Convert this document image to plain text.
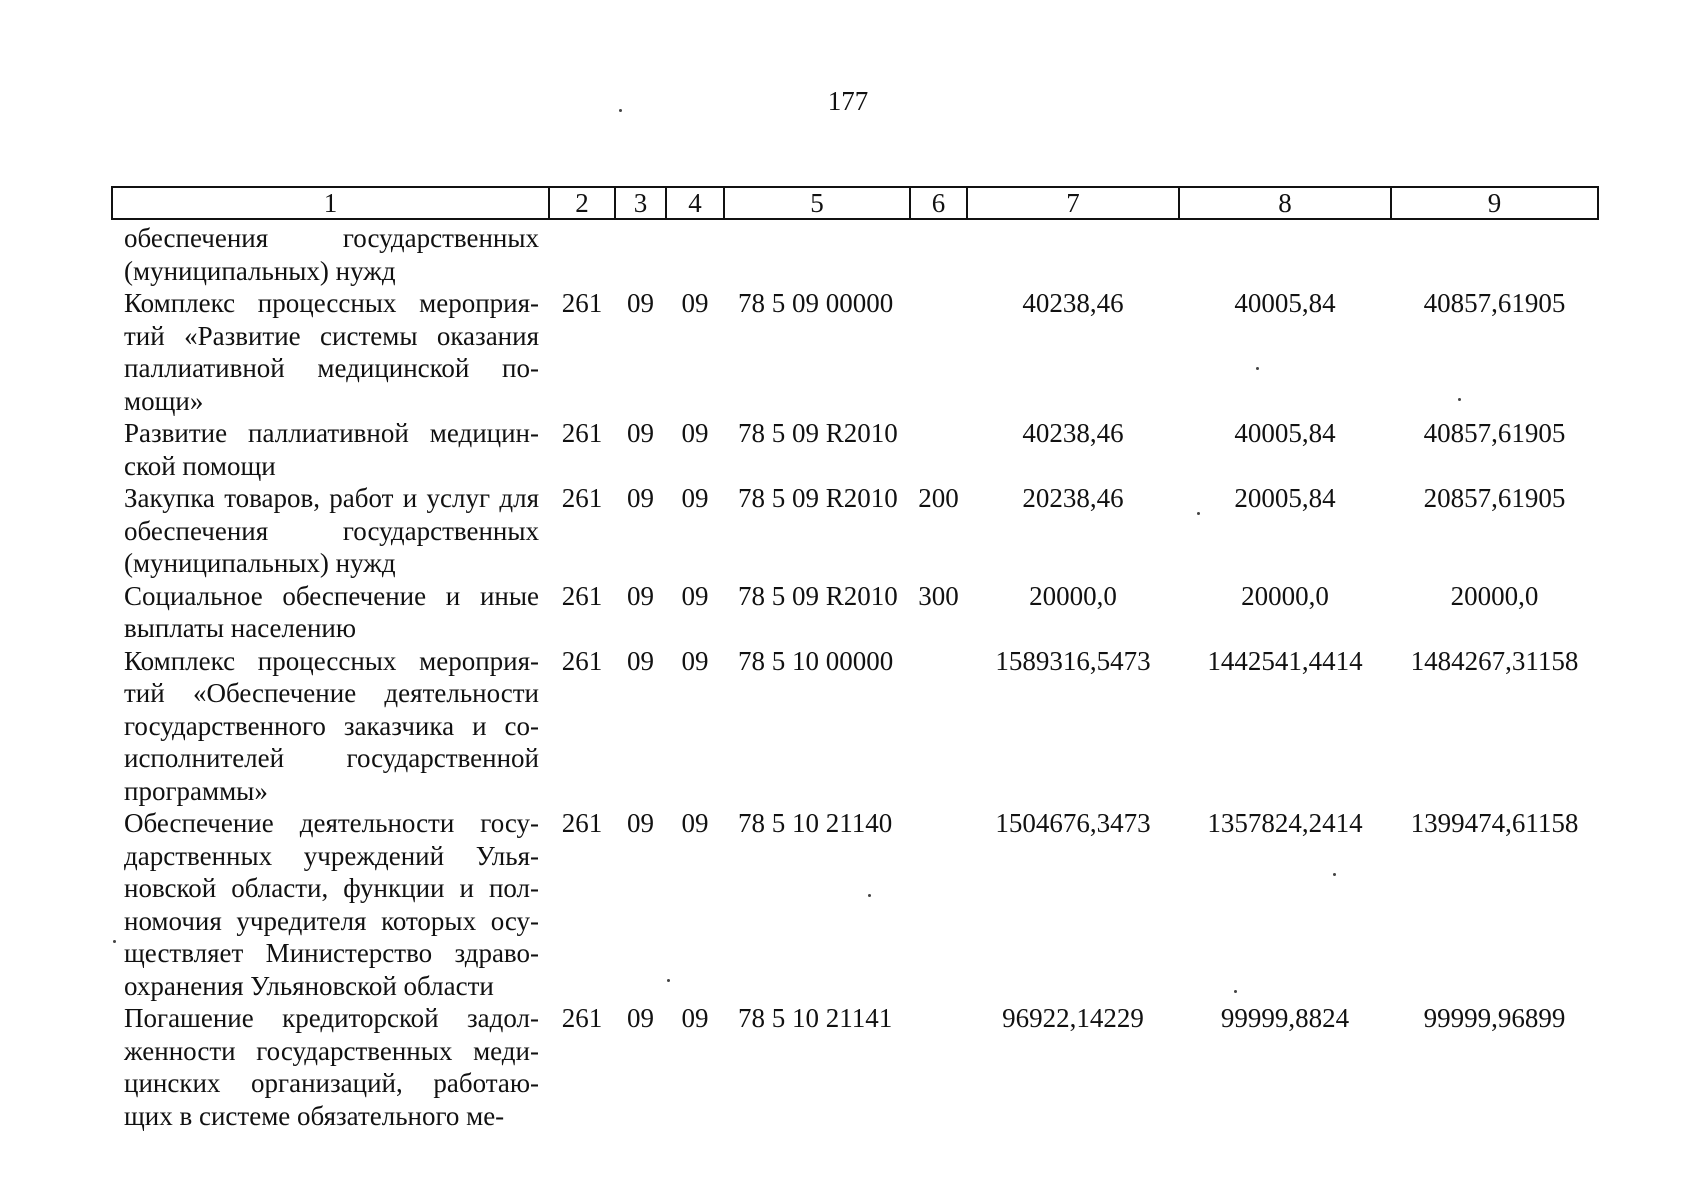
177
1	2	3	4	5	6	7	8	9
обеспечения государственных (муниципальных) нужд								
Комплекс процессных мероприя-тий «Развитие системы оказания паллиативной медицинской по-мощи»	261	09	09	78 5 09 00000		40238,46	40005,84	40857,61905
Развитие паллиативной медицин-ской помощи	261	09	09	78 5 09 R2010		40238,46	40005,84	40857,61905
Закупка товаров, работ и услуг для обеспечения государственных (муниципальных) нужд	261	09	09	78 5 09 R2010	200	20238,46	20005,84	20857,61905
Социальное обеспечение и иные выплаты населению	261	09	09	78 5 09 R2010	300	20000,0	20000,0	20000,0
Комплекс процессных мероприя-тий «Обеспечение деятельности государственного заказчика и со-исполнителей государственной программы»	261	09	09	78 5 10 00000		1589316,5473	1442541,4414	1484267,31158
Обеспечение деятельности госу-дарственных учреждений Улья-новской области, функции и пол-номочия учредителя которых осу-ществляет Министерство здраво-охранения Ульяновской области	261	09	09	78 5 10 21140		1504676,3473	1357824,2414	1399474,61158
Погашение кредиторской задол-женности государственных меди-цинских организаций, работаю-щих в системе обязательного ме-	261	09	09	78 5 10 21141		96922,14229	99999,8824	99999,96899
